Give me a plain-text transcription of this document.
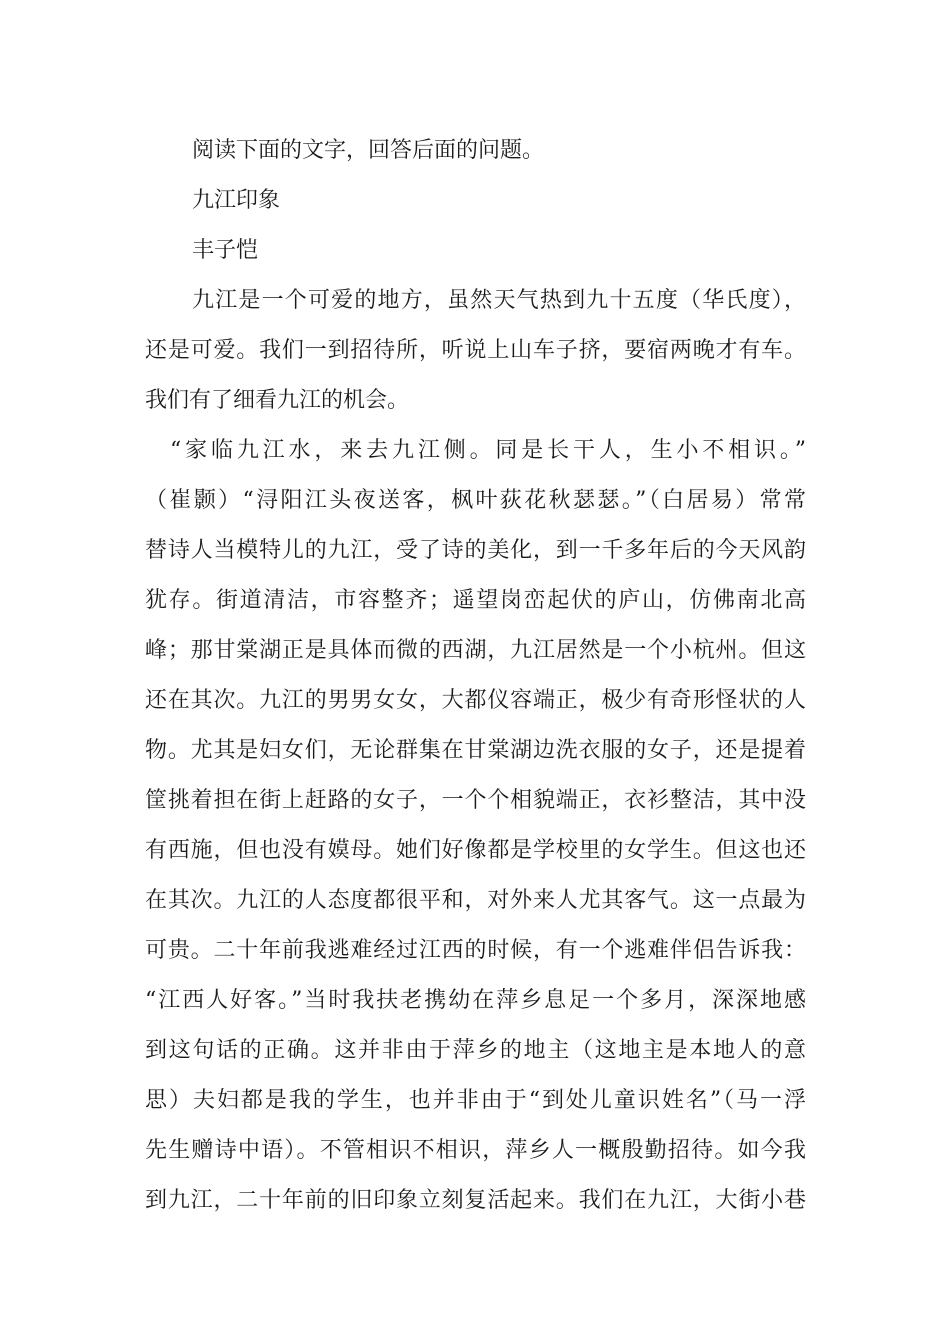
阅读下面的文字，回答后面的问题。

九江印象

丰子恺

九江是一个可爱的地方，虽然天气热到九十五度（华氏度），

还是可爱。我们一到招待所，听说上山车子挤，要宿两晚才有车。

我们有了细看九江的机会。

“家临九江水，来去九江侧。同是长干人，生小不相识。”

（崔颢）“浔阳江头夜送客，枫叶荻花秋瑟瑟。”（白居易）常常

替诗人当模特儿的九江，受了诗的美化，到一千多年后的今天风韵

犹存。街道清洁，市容整齐；遥望岗峦起伏的庐山，仿佛南北高

峰；那甘棠湖正是具体而微的西湖，九江居然是一个小杭州。但这

还在其次。九江的男男女女，大都仪容端正，极少有奇形怪状的人

物。尤其是妇女们，无论群集在甘棠湖边洗衣服的女子，还是提着

筐挑着担在街上赶路的女子，一个个相貌端正，衣衫整洁，其中没

有西施，但也没有嫫母。她们好像都是学校里的女学生。但这也还

在其次。九江的人态度都很平和，对外来人尤其客气。这一点最为

可贵。二十年前我逃难经过江西的时候，有一个逃难伴侣告诉我：

“江西人好客。”当时我扶老携幼在萍乡息足一个多月，深深地感

到这句话的正确。这并非由于萍乡的地主（这地主是本地人的意

思）夫妇都是我的学生，也并非由于“到处儿童识姓名”（马一浮

先生赠诗中语）。不管相识不相识，萍乡人一概殷勤招待。如今我

到九江，二十年前的旧印象立刻复活起来。我们在九江，大街小巷
